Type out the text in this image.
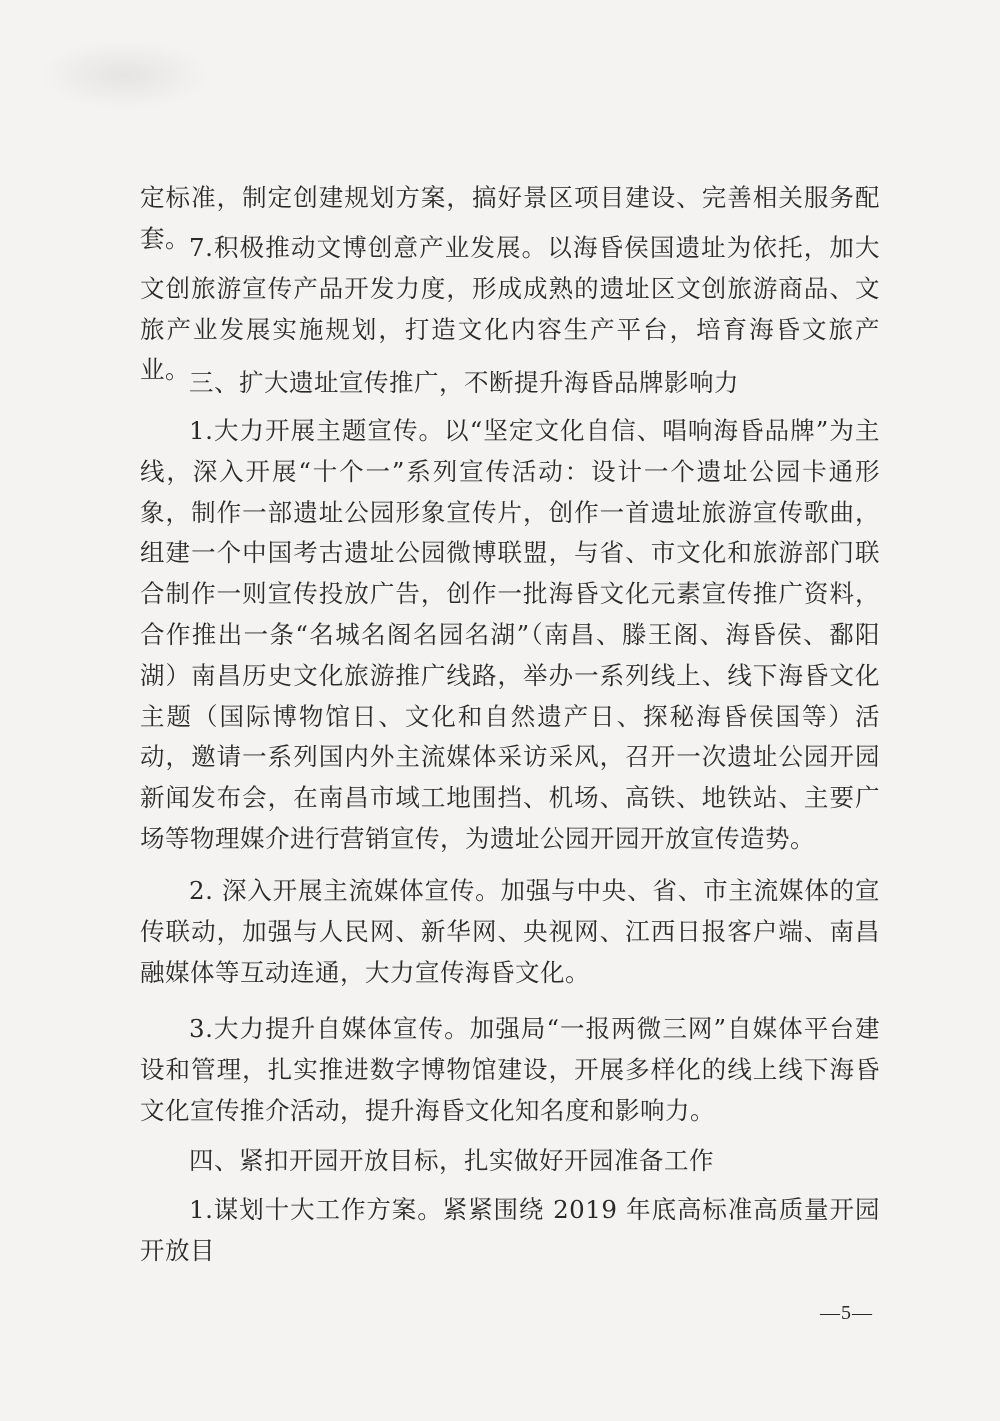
定标准，制定创建规划方案，搞好景区项目建设、完善相关服务配套。 7.积极推动文博创意产业发展。以海昏侯国遗址为依托，加大文创旅游宣传产品开发力度，形成成熟的遗址区文创旅游商品、文旅产业发展实施规划，打造文化内容生产平台，培育海昏文旅产业。 三、扩大遗址宣传推广，不断提升海昏品牌影响力

1.大力开展主题宣传。以“坚定文化自信、唱响海昏品牌”为主线，深入开展“十个一”系列宣传活动：设计一个遗址公园卡通形象，制作一部遗址公园形象宣传片，创作一首遗址旅游宣传歌曲，组建一个中国考古遗址公园微博联盟，与省、市文化和旅游部门联合制作一则宣传投放广告，创作一批海昏文化元素宣传推广资料，合作推出一条“名城名阁名园名湖”（南昌、滕王阁、海昏侯、鄱阳湖）南昌历史文化旅游推广线路，举办一系列线上、线下海昏文化主题（国际博物馆日、文化和自然遗产日、探秘海昏侯国等）活动，邀请一系列国内外主流媒体采访采风，召开一次遗址公园开园新闻发布会，在南昌市域工地围挡、机场、高铁、地铁站、主要广场等物理媒介进行营销宣传，为遗址公园开园开放宣传造势。

2. 深入开展主流媒体宣传。加强与中央、省、市主流媒体的宣传联动，加强与人民网、新华网、央视网、江西日报客户端、南昌融媒体等互动连通，大力宣传海昏文化。

3.大力提升自媒体宣传。加强局“一报两微三网”自媒体平台建设和管理，扎实推进数字博物馆建设，开展多样化的线上线下海昏文化宣传推介活动，提升海昏文化知名度和影响力。

四、紧扣开园开放目标，扎实做好开园准备工作

1.谋划十大工作方案。紧紧围绕 2019 年底高标准高质量开园开放目

—5—
